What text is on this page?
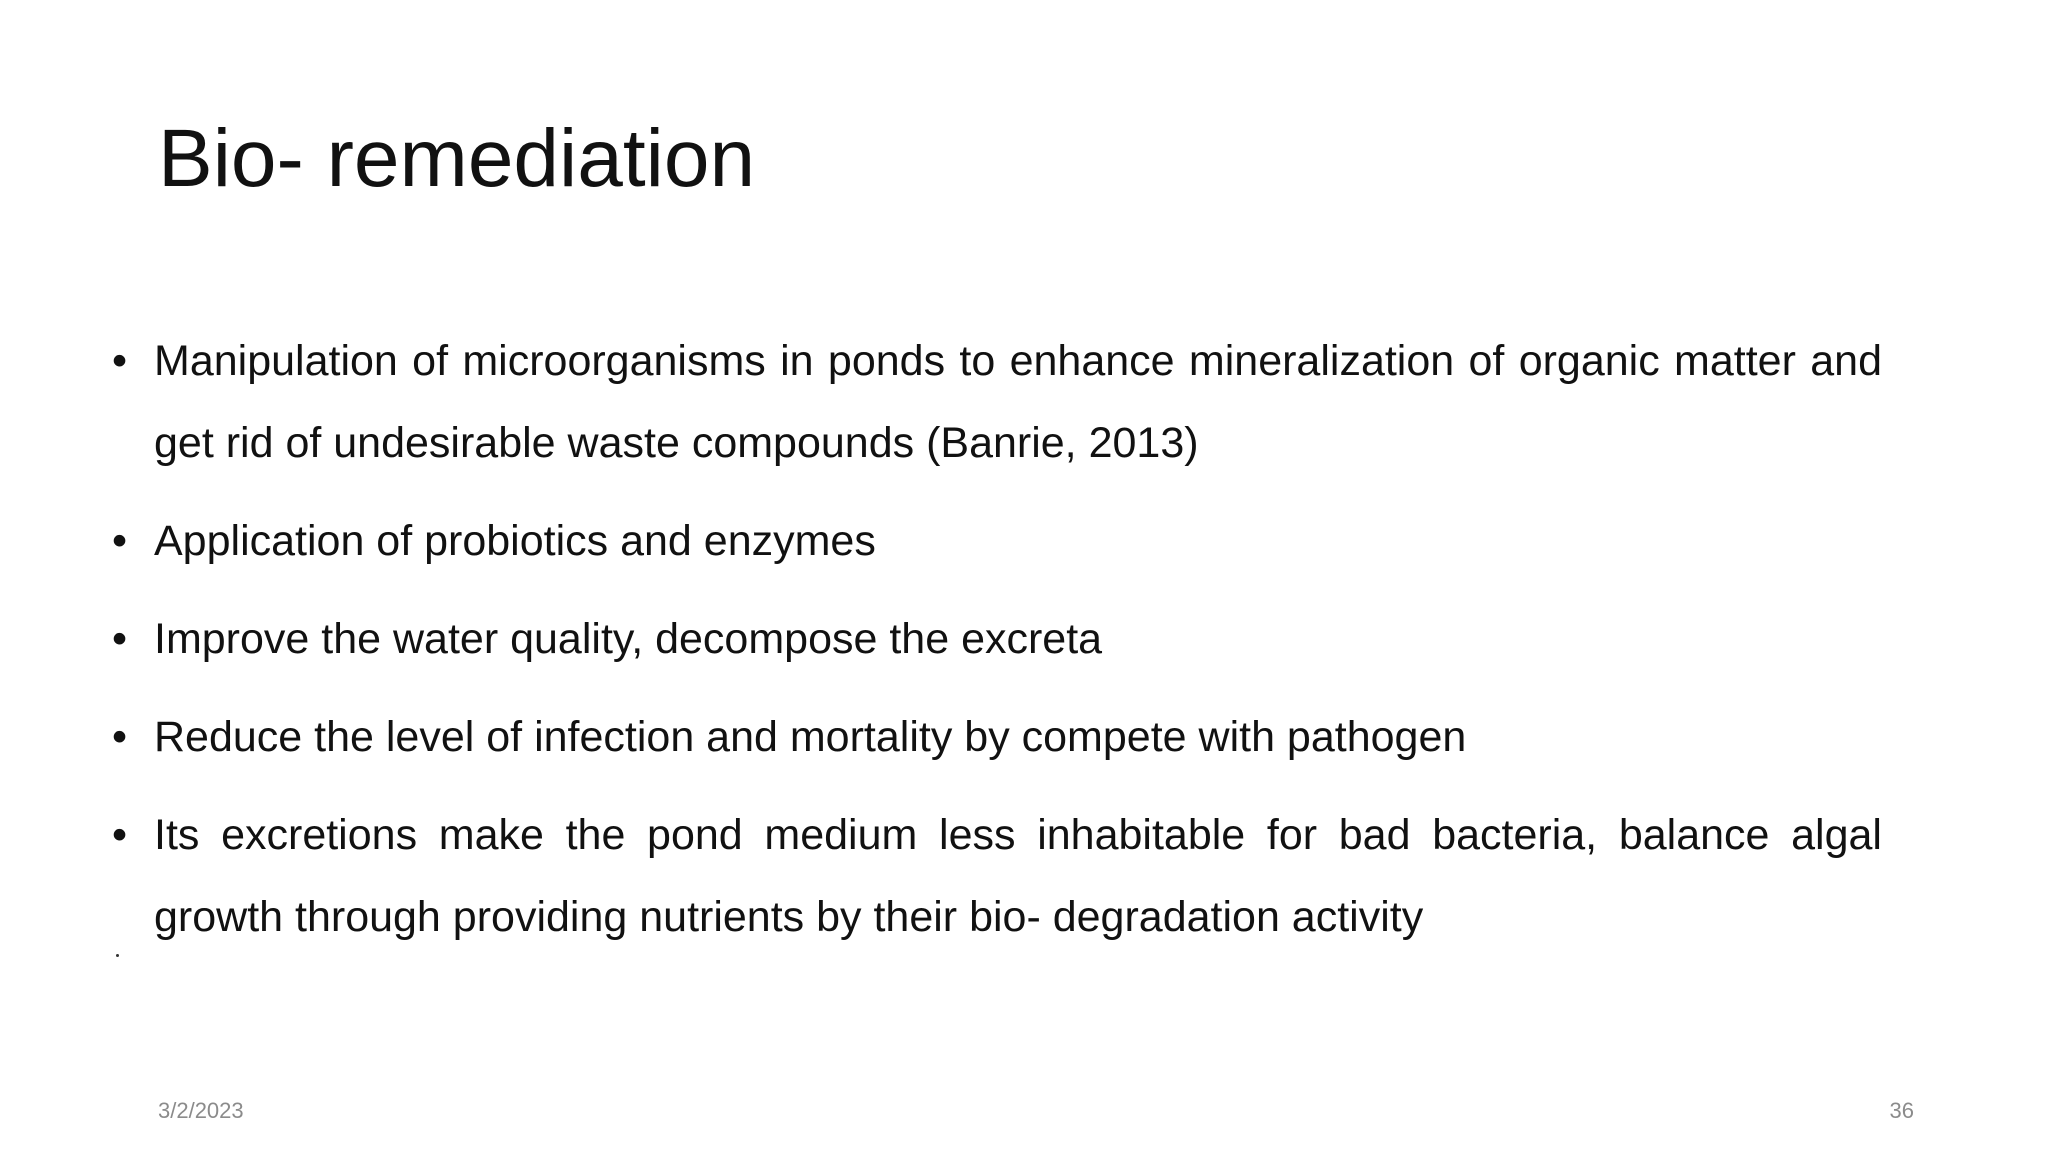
Bio- remediation
• Manipulation of microorganisms in ponds to enhance mineralization of organic matter and get rid of undesirable waste compounds (Banrie, 2013)
• Application of probiotics and enzymes
• Improve the water quality, decompose the excreta
• Reduce the level of infection and mortality by compete with pathogen
• Its excretions make the pond medium less inhabitable for bad bacteria, balance algal growth through providing nutrients by their bio- degradation activity
3/2/2023	36
